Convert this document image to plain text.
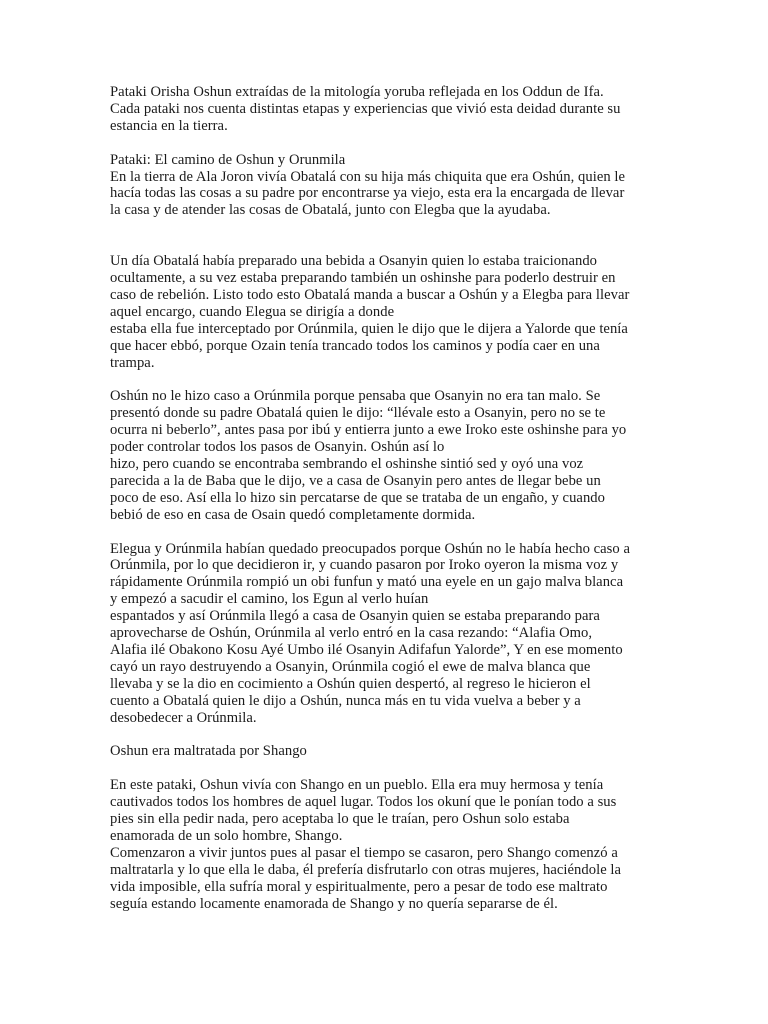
Pataki Orisha Oshun extraídas de la mitología yoruba reflejada en los Oddun de Ifa.
Cada pataki nos cuenta distintas etapas y experiencias que vivió esta deidad durante su
estancia en la tierra.
Pataki: El camino de Oshun y Orunmila
En la tierra de Ala Joron vivía Obatalá con su hija más chiquita que era Oshún, quien le
hacía todas las cosas a su padre por encontrarse ya viejo, esta era la encargada de llevar
la casa y de atender las cosas de Obatalá, junto con Elegba que la ayudaba.
Un día Obatalá había preparado una bebida a Osanyin quien lo estaba traicionando
ocultamente, a su vez estaba preparando también un oshinshe para poderlo destruir en
caso de rebelión. Listo todo esto Obatalá manda a buscar a Oshún y a Elegba para llevar
aquel encargo, cuando Elegua se dirigía a donde
estaba ella fue interceptado por Orúnmila, quien le dijo que le dijera a Yalorde que tenía
que hacer ebbó, porque Ozain tenía trancado todos los caminos y podía caer en una
trampa.
Oshún no le hizo caso a Orúnmila porque pensaba que Osanyin no era tan malo. Se
presentó donde su padre Obatalá quien le dijo: “llévale esto a Osanyin, pero no se te
ocurra ni beberlo”, antes pasa por ibú y entierra junto a ewe Iroko este oshinshe para yo
poder controlar todos los pasos de Osanyin. Oshún así lo
hizo, pero cuando se encontraba sembrando el oshinshe sintió sed y oyó una voz
parecida a la de Baba que le dijo, ve a casa de Osanyin pero antes de llegar bebe un
poco de eso. Así ella lo hizo sin percatarse de que se trataba de un engaño, y cuando
bebió de eso en casa de Osain quedó completamente dormida.
Elegua y Orúnmila habían quedado preocupados porque Oshún no le había hecho caso a
Orúnmila, por lo que decidieron ir, y cuando pasaron por Iroko oyeron la misma voz y
rápidamente Orúnmila rompió un obi funfun y mató una eyele en un gajo malva blanca
y empezó a sacudir el camino, los Egun al verlo huían
espantados y así Orúnmila llegó a casa de Osanyin quien se estaba preparando para
aprovecharse de Oshún, Orúnmila al verlo entró en la casa rezando: “Alafia Omo,
Alafia ilé Obakono Kosu Ayé Umbo ilé Osanyin Adifafun Yalorde”, Y en ese momento
cayó un rayo destruyendo a Osanyin, Orúnmila cogió el ewe de malva blanca que
llevaba y se la dio en cocimiento a Oshún quien despertó, al regreso le hicieron el
cuento a Obatalá quien le dijo a Oshún, nunca más en tu vida vuelva a beber y a
desobedecer a Orúnmila.
Oshun era maltratada por Shango
En este pataki, Oshun vivía con Shango en un pueblo. Ella era muy hermosa y tenía
cautivados todos los hombres de aquel lugar. Todos los okuní que le ponían todo a sus
pies sin ella pedir nada, pero aceptaba lo que le traían, pero Oshun solo estaba
enamorada de un solo hombre, Shango.
Comenzaron a vivir juntos pues al pasar el tiempo se casaron, pero Shango comenzó a
maltratarla y lo que ella le daba, él prefería disfrutarlo con otras mujeres, haciéndole la
vida imposible, ella sufría moral y espiritualmente, pero a pesar de todo ese maltrato
seguía estando locamente enamorada de Shango y no quería separarse de él.
